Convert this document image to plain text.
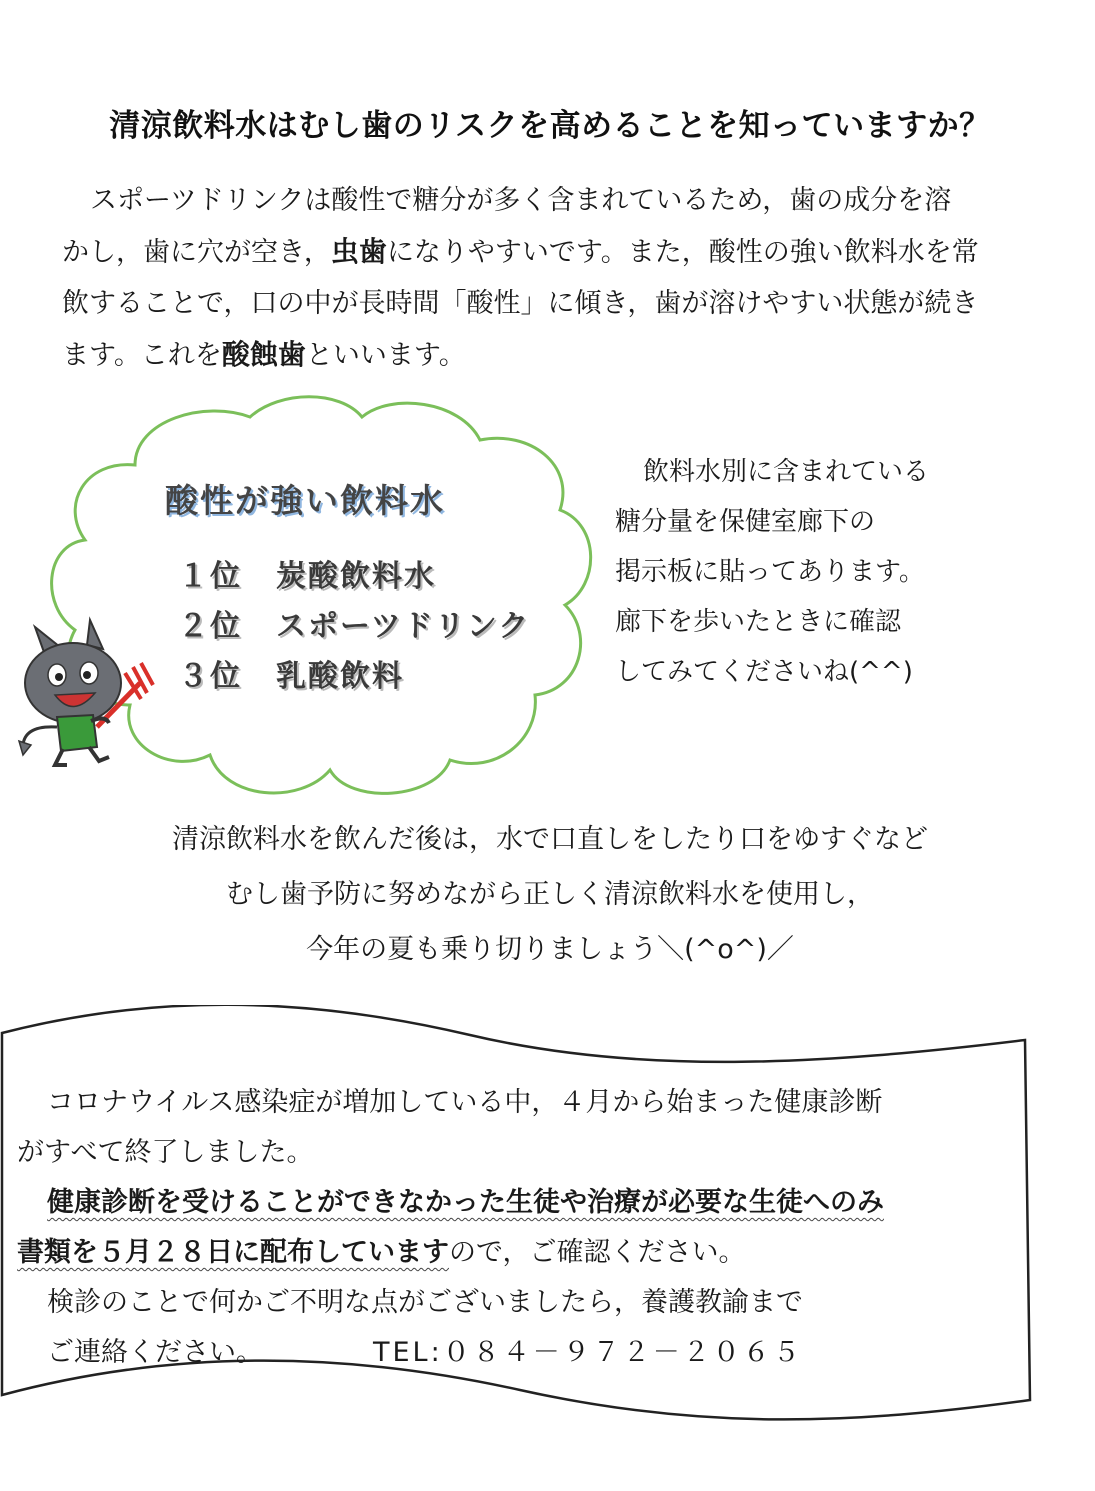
清涼飲料水はむし歯のリスクを高めることを知っていますか？
スポーツドリンクは酸性で糖分が多く含まれているため，歯の成分を溶
かし，歯に穴が空き，虫歯になりやすいです。また，酸性の強い飲料水を常
飲することで，口の中が長時間「酸性」に傾き，歯が溶けやすい状態が続き
ます。これを酸蝕歯といいます。
酸性が強い飲料水
１位 炭酸飲料水
２位 スポーツドリンク
３位 乳酸飲料
飲料水別に含まれている
糖分量を保健室廊下の
掲示板に貼ってあります。
廊下を歩いたときに確認
してみてくださいね(^^)
清涼飲料水を飲んだ後は，水で口直しをしたり口をゆすぐなど
むし歯予防に努めながら正しく清涼飲料水を使用し，
今年の夏も乗り切りましょう＼(^o^)／
コロナウイルス感染症が増加している中，４月から始まった健康診断
がすべて終了しました。
健康診断を受けることができなかった生徒や治療が必要な生徒へのみ
書類を５月２８日に配布していますので，ご確認ください。
検診のことで何かご不明な点がございましたら，養護教諭まで
ご連絡ください。	TEL:０８４－９７２－２０６５
